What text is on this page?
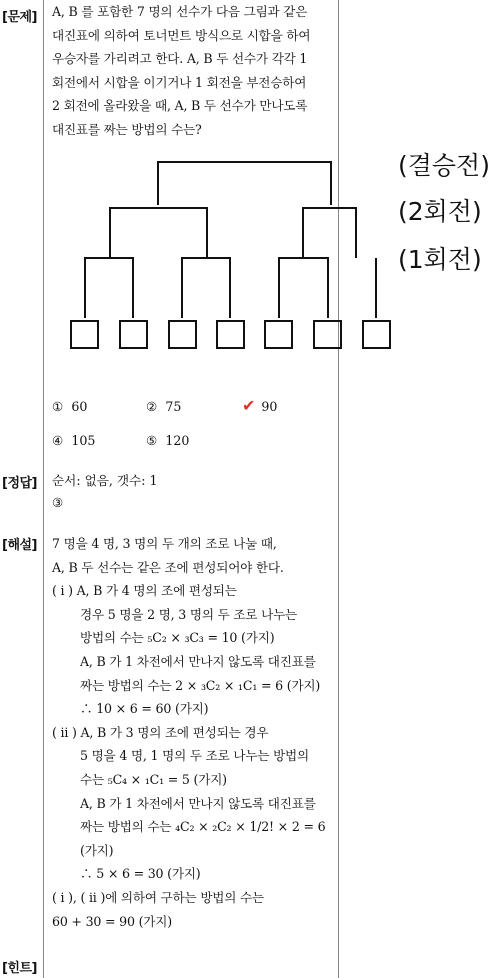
[문제]
[정답]
[해설]
[힌트]

A, B 를 포함한 7 명의 선수가 다음 그림과 같은

대진표에 의하여 토너먼트 방식으로 시합을 하여

우승자를 가리려고 한다. A, B 두 선수가 각각 1

회전에서 시합을 이기거나 1 회전을 부전승하여

2 회전에 올라왔을 때, A, B 두 선수가 만나도록

대진표를 짜는 방법의 수는?

(결승전)
(2회전)
(1회전)
① 60	② 75	✔ 90
④ 105	⑤ 120

순서: 없음, 갯수: 1

③

7 명을 4 명, 3 명의 두 개의 조로 나눌 때,

A, B 두 선수는 같은 조에 편성되어야 한다.

( i ) A, B 가 4 명의 조에 편성되는

경우 5 명을 2 명, 3 명의 두 조로 나누는

방법의 수는 ₅C₂ × ₃C₃ = 10 (가지)

A, B 가 1 차전에서 만나지 않도록 대진표를

짜는 방법의 수는 2 × ₃C₂ × ₁C₁ = 6 (가지)

∴ 10 × 6 = 60 (가지)

( ii ) A, B 가 3 명의 조에 편성되는 경우

5 명을 4 명, 1 명의 두 조로 나누는 방법의

수는 ₅C₄ × ₁C₁ = 5 (가지)

A, B 가 1 차전에서 만나지 않도록 대진표를

짜는 방법의 수는 ₄C₂ × ₂C₂ × 1/2! × 2 = 6

(가지)

∴ 5 × 6 = 30 (가지)

( i ), ( ii )에 의하여 구하는 방법의 수는

60 + 30 = 90 (가지)
